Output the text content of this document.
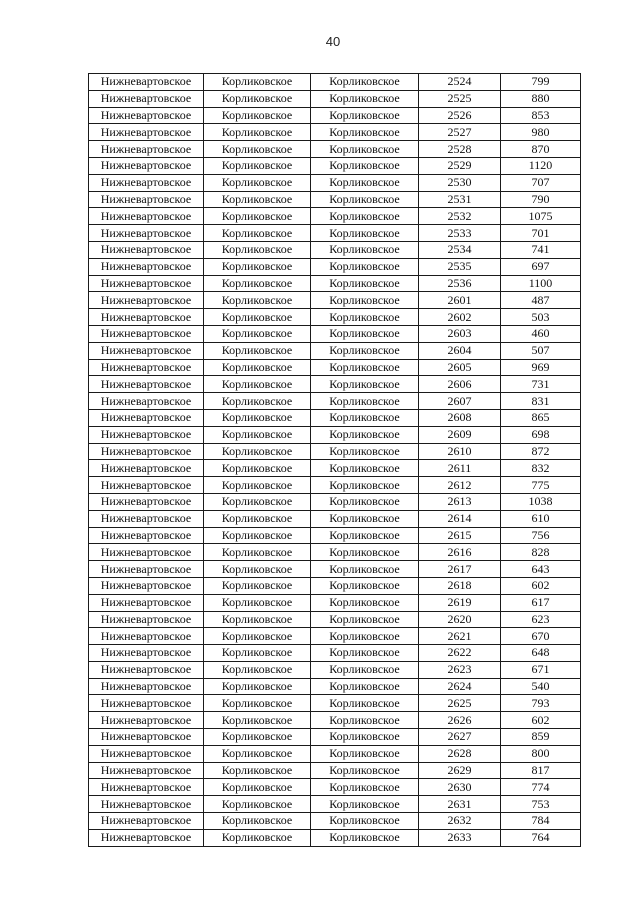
40
Нижневартовское	Корликовское	Корликовское	2524	799
Нижневартовское	Корликовское	Корликовское	2525	880
Нижневартовское	Корликовское	Корликовское	2526	853
Нижневартовское	Корликовское	Корликовское	2527	980
Нижневартовское	Корликовское	Корликовское	2528	870
Нижневартовское	Корликовское	Корликовское	2529	1120
Нижневартовское	Корликовское	Корликовское	2530	707
Нижневартовское	Корликовское	Корликовское	2531	790
Нижневартовское	Корликовское	Корликовское	2532	1075
Нижневартовское	Корликовское	Корликовское	2533	701
Нижневартовское	Корликовское	Корликовское	2534	741
Нижневартовское	Корликовское	Корликовское	2535	697
Нижневартовское	Корликовское	Корликовское	2536	1100
Нижневартовское	Корликовское	Корликовское	2601	487
Нижневартовское	Корликовское	Корликовское	2602	503
Нижневартовское	Корликовское	Корликовское	2603	460
Нижневартовское	Корликовское	Корликовское	2604	507
Нижневартовское	Корликовское	Корликовское	2605	969
Нижневартовское	Корликовское	Корликовское	2606	731
Нижневартовское	Корликовское	Корликовское	2607	831
Нижневартовское	Корликовское	Корликовское	2608	865
Нижневартовское	Корликовское	Корликовское	2609	698
Нижневартовское	Корликовское	Корликовское	2610	872
Нижневартовское	Корликовское	Корликовское	2611	832
Нижневартовское	Корликовское	Корликовское	2612	775
Нижневартовское	Корликовское	Корликовское	2613	1038
Нижневартовское	Корликовское	Корликовское	2614	610
Нижневартовское	Корликовское	Корликовское	2615	756
Нижневартовское	Корликовское	Корликовское	2616	828
Нижневартовское	Корликовское	Корликовское	2617	643
Нижневартовское	Корликовское	Корликовское	2618	602
Нижневартовское	Корликовское	Корликовское	2619	617
Нижневартовское	Корликовское	Корликовское	2620	623
Нижневартовское	Корликовское	Корликовское	2621	670
Нижневартовское	Корликовское	Корликовское	2622	648
Нижневартовское	Корликовское	Корликовское	2623	671
Нижневартовское	Корликовское	Корликовское	2624	540
Нижневартовское	Корликовское	Корликовское	2625	793
Нижневартовское	Корликовское	Корликовское	2626	602
Нижневартовское	Корликовское	Корликовское	2627	859
Нижневартовское	Корликовское	Корликовское	2628	800
Нижневартовское	Корликовское	Корликовское	2629	817
Нижневартовское	Корликовское	Корликовское	2630	774
Нижневартовское	Корликовское	Корликовское	2631	753
Нижневартовское	Корликовское	Корликовское	2632	784
Нижневартовское	Корликовское	Корликовское	2633	764
